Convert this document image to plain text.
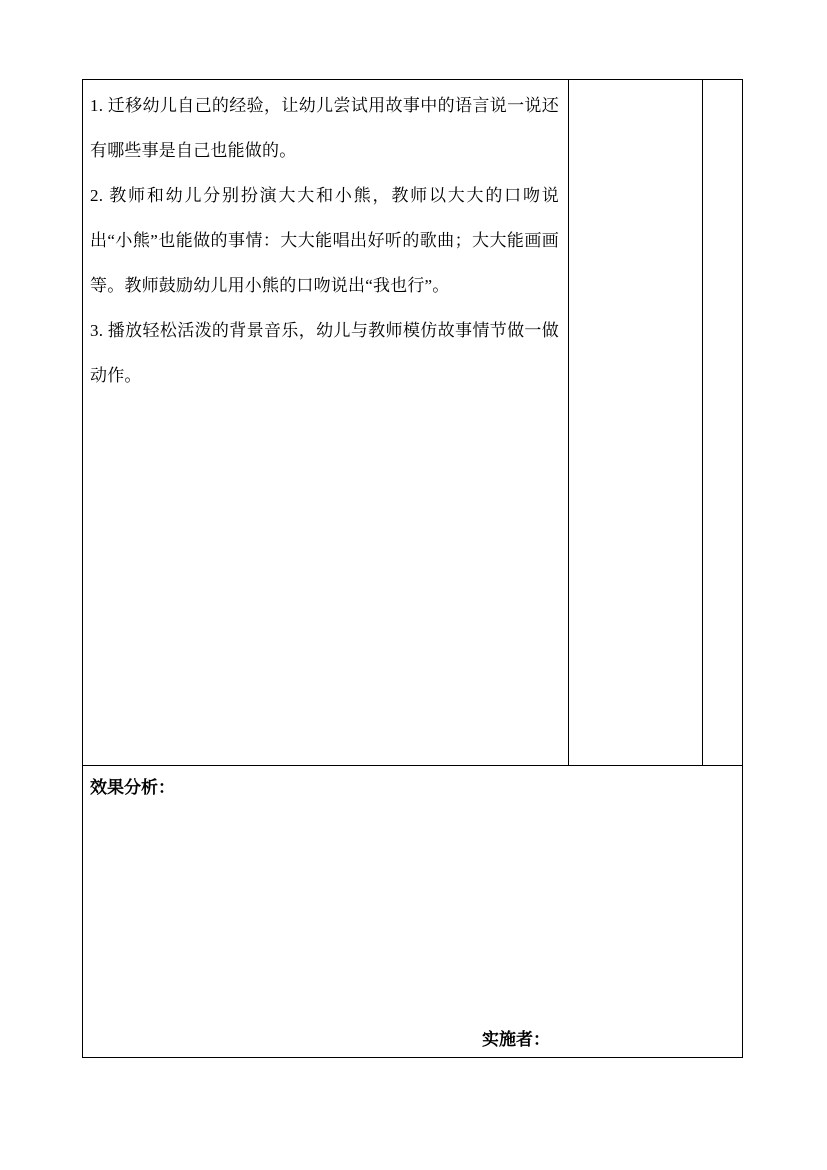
1. 迁移幼儿自己的经验，让幼儿尝试用故事中的语言说一说还有哪些事是自己也能做的。

2. 教师和幼儿分别扮演大大和小熊，教师以大大的口吻说出“小熊”也能做的事情：大大能唱出好听的歌曲；大大能画画等。教师鼓励幼儿用小熊的口吻说出“我也行”。

3. 播放轻松活泼的背景音乐，幼儿与教师模仿故事情节做一做动作。

效果分析：
实施者：
